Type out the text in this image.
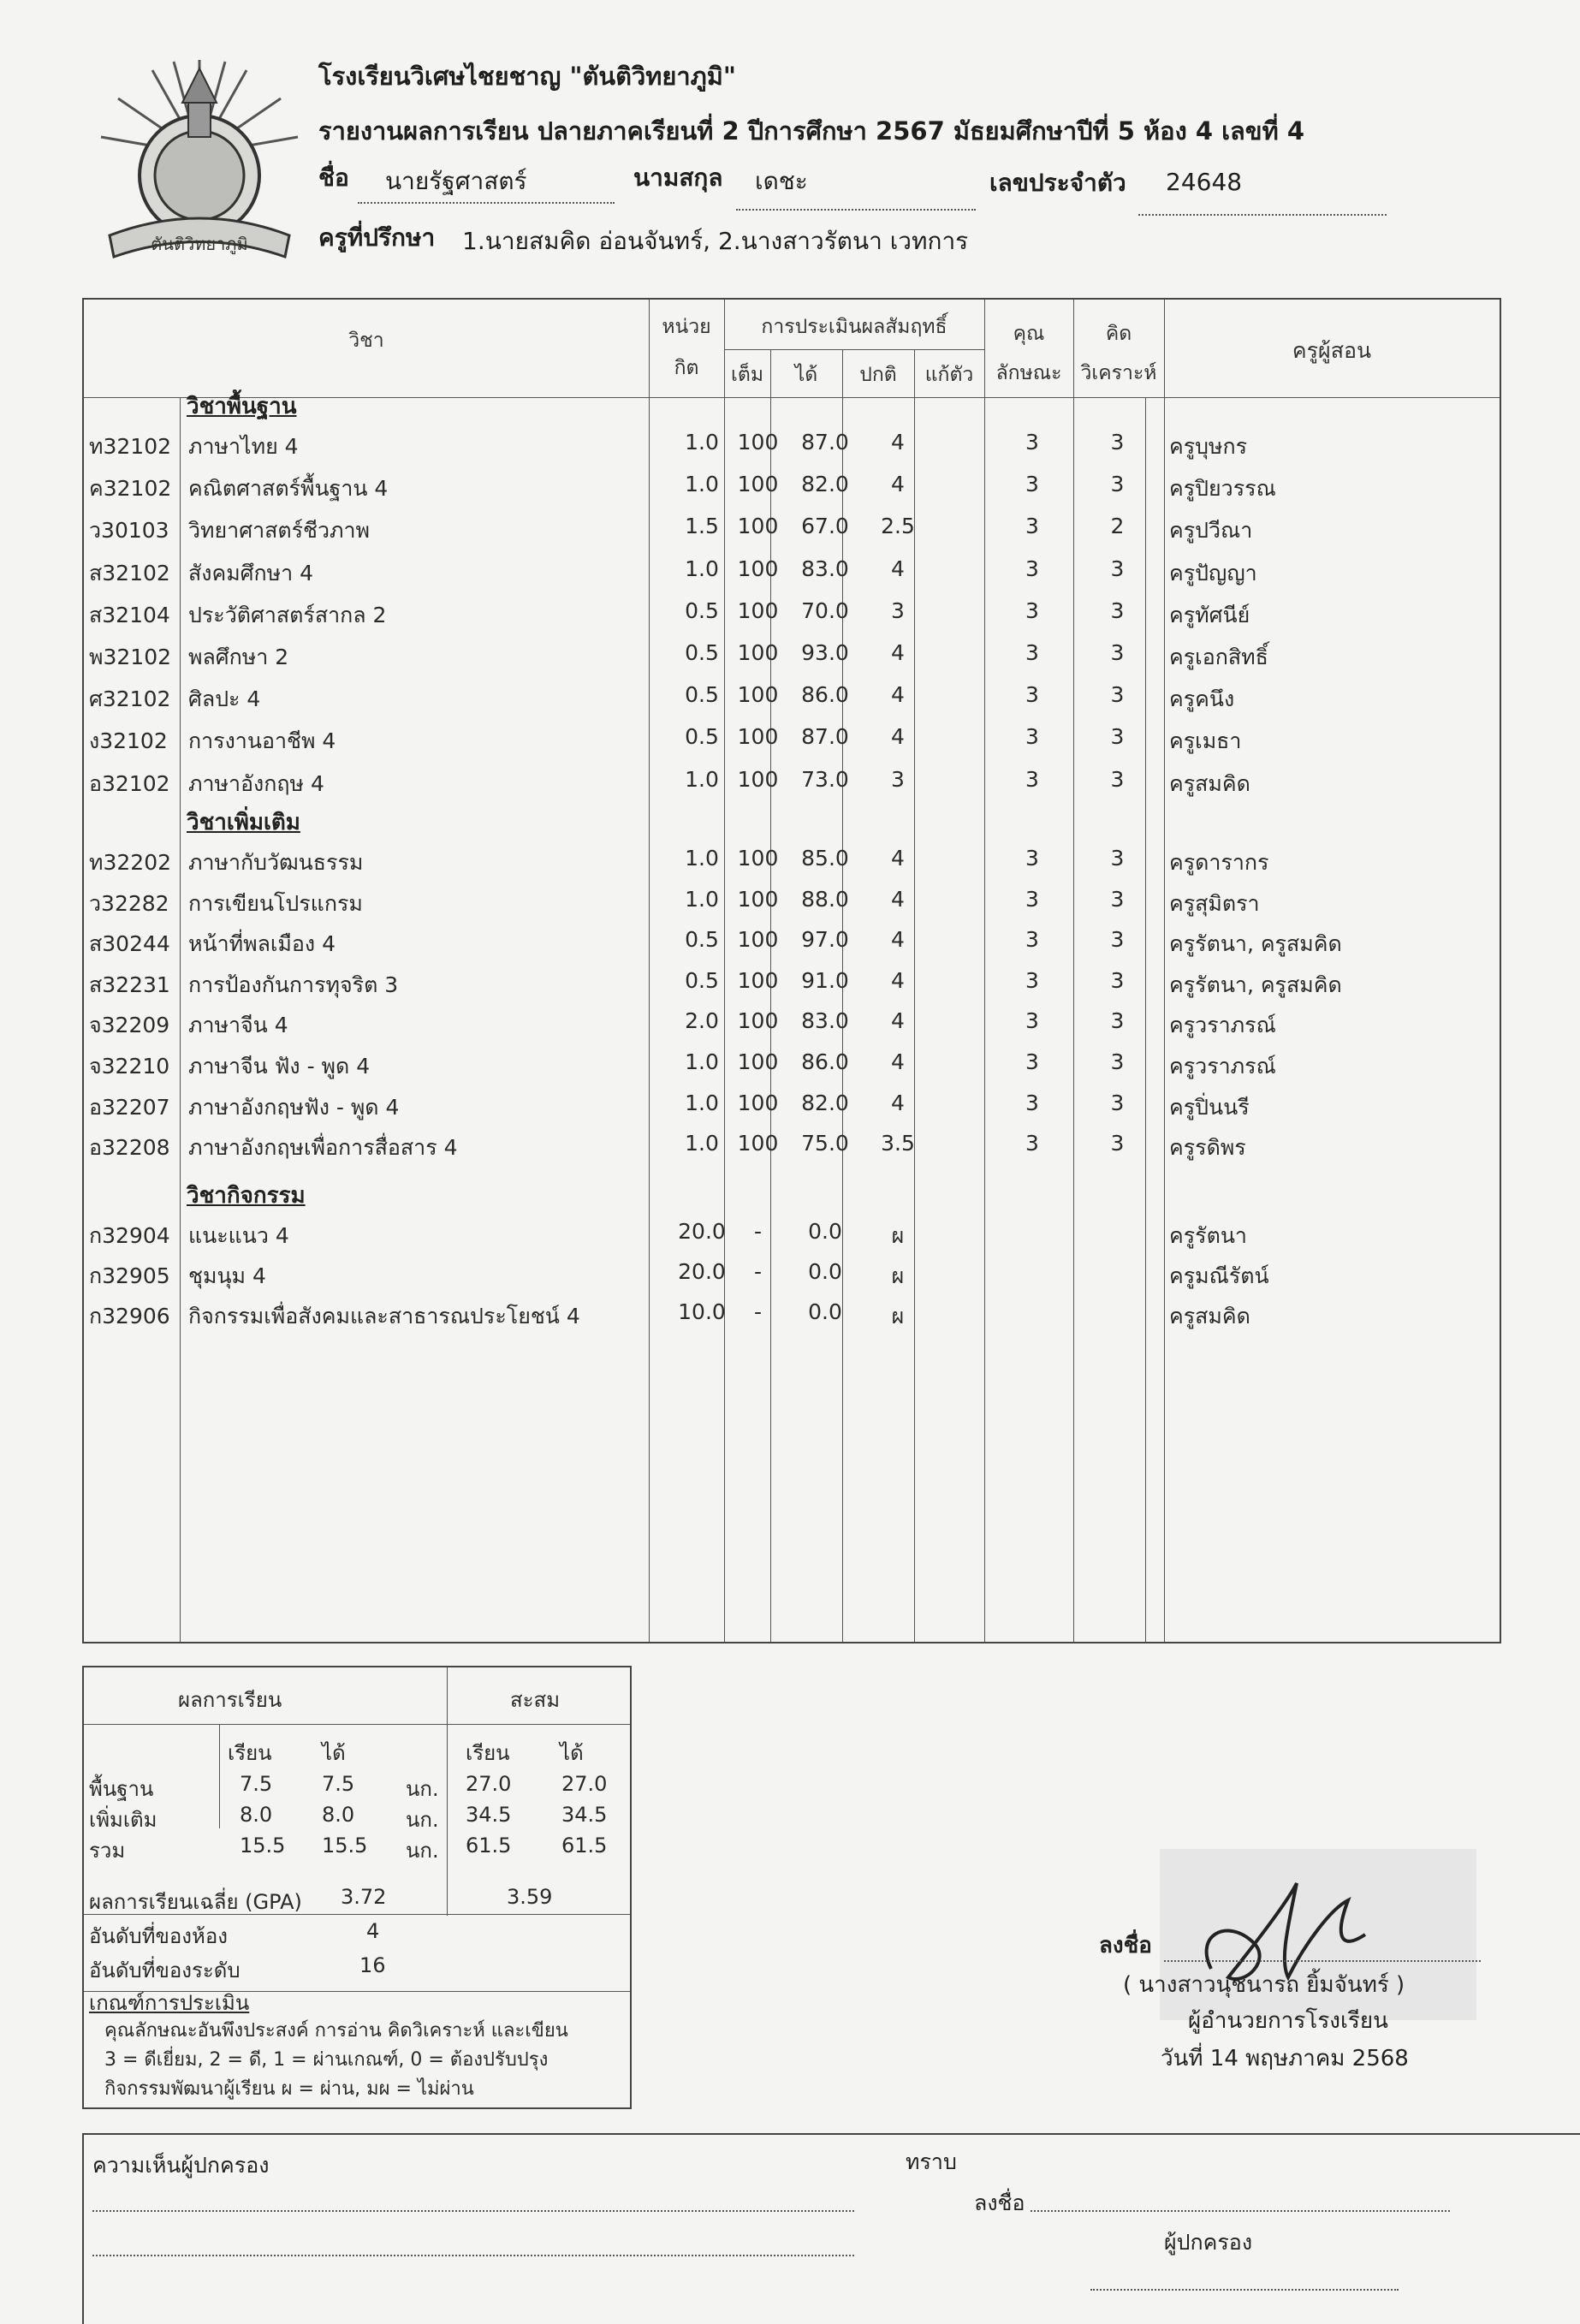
ตันติวิทยาภูมิ
โรงเรียนวิเศษไชยชาญ "ตันติวิทยาภูมิ"
รายงานผลการเรียน ปลายภาคเรียนที่ 2 ปีการศึกษา 2567 มัธยมศึกษาปีที่ 5 ห้อง 4 เลขที่ 4
ชื่อ นายรัฐศาสตร์	นามสกุล เดชะ	เลขประจำตัว 24648
ครูที่ปรึกษา 1.นายสมคิด อ่อนจันทร์, 2.นางสาวรัตนา เวทการ
วิชา
หน่วย
กิต
การประเมินผลสัมฤทธิ์
เต็ม	ได้	ปกติ	แก้ตัว
คุณ
ลักษณะ
คิด
วิเคราะห์
ครูผู้สอน
วิชาพื้นฐาน
วิชาเพิ่มเติม
วิชากิจกรรม
ท32102 ภาษาไทย 4	1.0 100	87.0	4	3	3	ครูบุษกร
ค32102 คณิตศาสตร์พื้นฐาน 4	1.0 100	82.0	4	3	3	ครูปิยวรรณ
ว30103 วิทยาศาสตร์ชีวภาพ	1.5 100	67.0	2.5	3	2	ครูปวีณา
ส32102 สังคมศึกษา 4	1.0 100	83.0	4	3	3	ครูปัญญา
ส32104 ประวัติศาสตร์สากล 2	0.5 100	70.0	3	3	3	ครูทัศนีย์
พ32102 พลศึกษา 2	0.5 100	93.0	4	3	3	ครูเอกสิทธิ์
ศ32102 ศิลปะ 4	0.5 100	86.0	4	3	3	ครูคนึง
ง32102 การงานอาชีพ 4	0.5 100	87.0	4	3	3	ครูเมธา
อ32102 ภาษาอังกฤษ 4	1.0 100	73.0	3	3	3	ครูสมคิด
ท32202 ภาษากับวัฒนธรรม	1.0 100	85.0	4	3	3	ครูดารากร
ว32282 การเขียนโปรแกรม	1.0 100	88.0	4	3	3	ครูสุมิตรา
ส30244 หน้าที่พลเมือง 4	0.5 100	97.0	4	3	3	ครูรัตนา, ครูสมคิด
ส32231 การป้องกันการทุจริต 3	0.5 100	91.0	4	3	3	ครูรัตนา, ครูสมคิด
จ32209 ภาษาจีน 4	2.0 100	83.0	4	3	3	ครูวราภรณ์
จ32210 ภาษาจีน ฟัง - พูด 4	1.0 100	86.0	4	3	3	ครูวราภรณ์
อ32207 ภาษาอังกฤษฟัง - พูด 4	1.0 100	82.0	4	3	3	ครูปิ่นนรี
อ32208 ภาษาอังกฤษเพื่อการสื่อสาร 4	1.0 100	75.0	3.5	3	3	ครูรดิพร
ก32904 แนะแนว 4	20.0	-	0.0	ผ	ครูรัตนา
ก32905 ชุมนุม 4	20.0	-	0.0	ผ	ครูมณีรัตน์
ก32906 กิจกรรมเพื่อสังคมและสาธารณประโยชน์ 4	10.0	-	0.0	ผ	ครูสมคิด
ผลการเรียน	สะสม
เรียน ได้	เรียน ได้
พื้นฐาน	7.5 7.5 นก. 27.0 27.0
เพิ่มเติม	8.0 8.0 นก. 34.5 34.5
รวม	15.5 15.5 นก. 61.5 61.5
ผลการเรียนเฉลี่ย (GPA) 3.72	3.59
อันดับที่ของห้อง	4
อันดับที่ของระดับ	16
เกณฑ์การประเมิน
คุณลักษณะอันพึงประสงค์ การอ่าน คิดวิเคราะห์ และเขียน
3 = ดีเยี่ยม, 2 = ดี, 1 = ผ่านเกณฑ์, 0 = ต้องปรับปรุง
กิจกรรมพัฒนาผู้เรียน ผ = ผ่าน, มผ = ไม่ผ่าน
ลงชื่อ
( นางสาวนุชนารถ ยิ้มจันทร์ )
ผู้อำนวยการโรงเรียน
วันที่ 14 พฤษภาคม 2568
ความเห็นผู้ปกครอง	ทราบ
ลงชื่อ
ผู้ปกครอง
